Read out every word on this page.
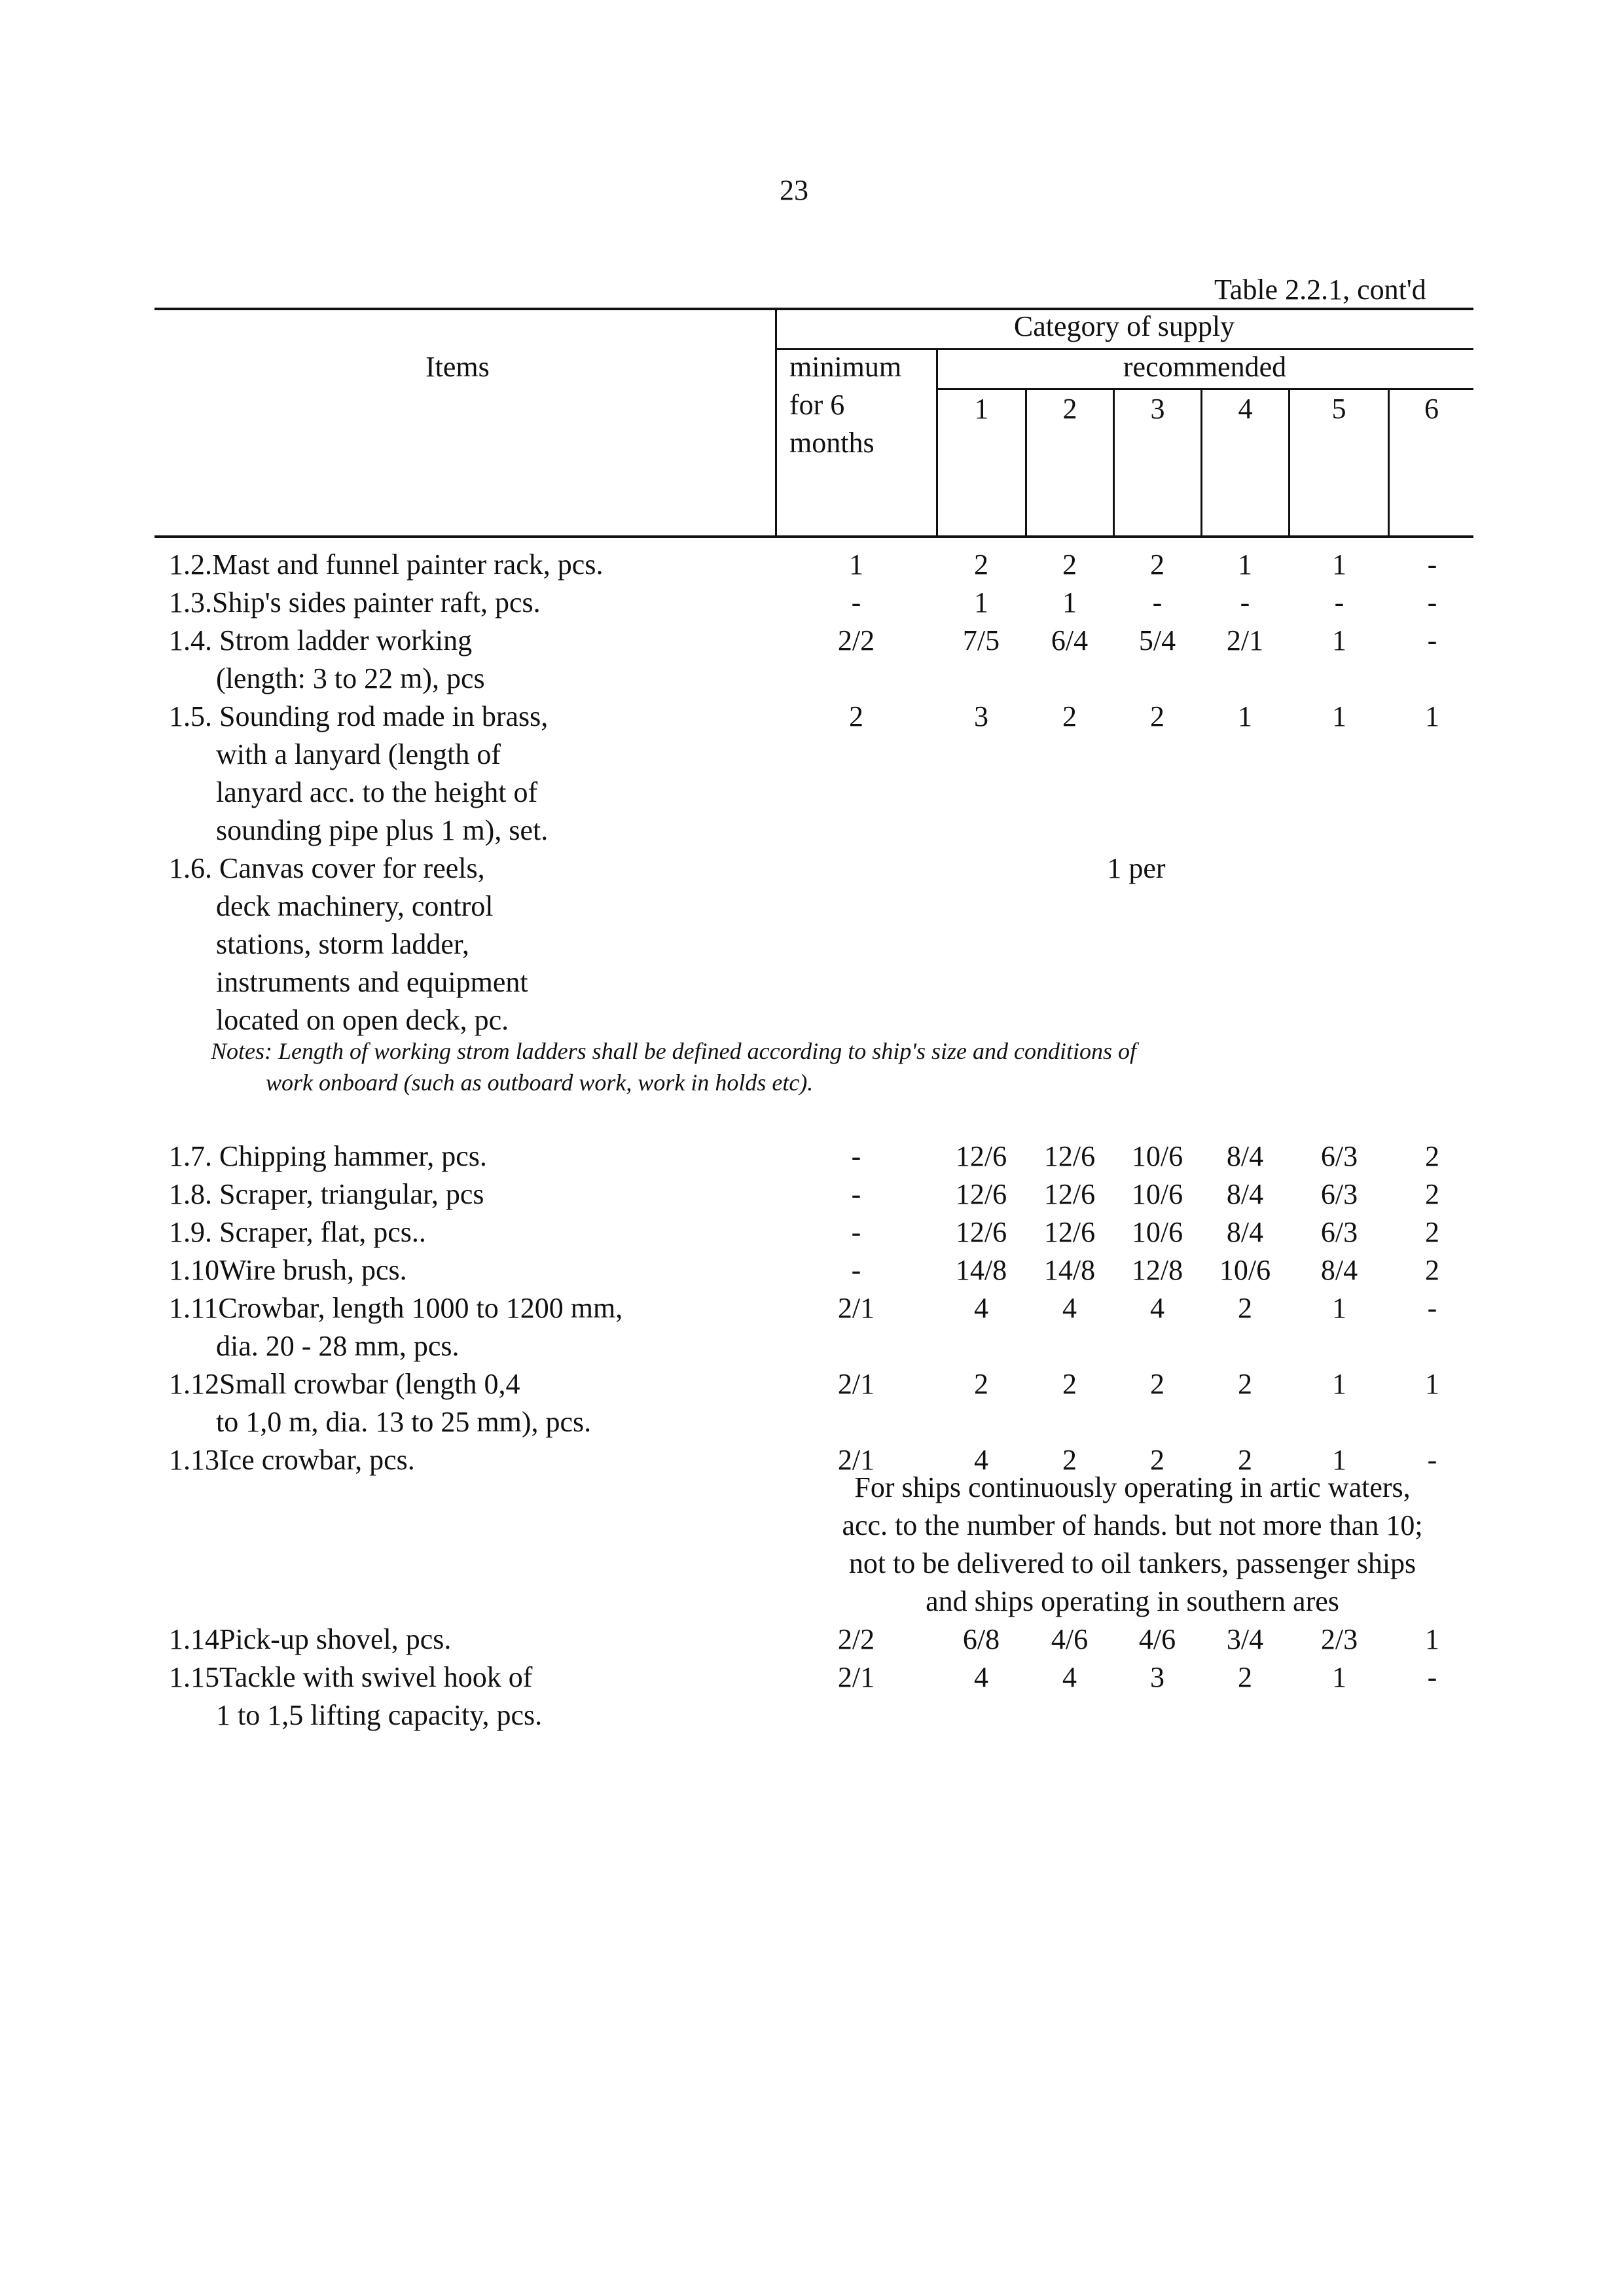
23
Table 2.2.1, cont'd
Items
Category of supply
minimum
for 6
months
recommended
1	2	3	4	5	6
1.2.Mast and funnel painter rack, pcs.	1	2	2	2	1	1	-
1.3.Ship's sides painter raft, pcs.	-	1	1	-	-	-	-
1.4. Strom ladder working
(length: 3 to 22 m), pcs
2/2	7/5	6/4	5/4	2/1	1	-
1.5. Sounding rod made in brass,
with a lanyard (length of
lanyard acc. to the height of
sounding pipe plus 1 m), set.
2	3	2	2	1	1	1
1.6. Canvas cover for reels,
deck machinery, control
stations, storm ladder,
instruments and equipment
located on open deck, pc.
1 per
1.7. Chipping hammer, pcs.	-	12/6	12/6	10/6	8/4	6/3	2
1.8. Scraper, triangular, pcs	-	12/6	12/6	10/6	8/4	6/3	2
1.9. Scraper, flat, pcs..	-	12/6	12/6	10/6	8/4	6/3	2
1.10Wire brush, pcs.	-	14/8	14/8	12/8	10/6	8/4	2
1.11Crowbar, length 1000 to 1200 mm,
dia. 20 - 28 mm, pcs.
2/1	4	4	4	2	1	-
1.12Small crowbar (length 0,4
to 1,0 m, dia. 13 to 25 mm), pcs.
2/1	2	2	2	2	1	1
1.13Ice crowbar, pcs.	2/1	4	2	2	2	1	-
1.14Pick-up shovel, pcs.	2/2	6/8	4/6	4/6	3/4	2/3	1
1.15Tackle with swivel hook of
1 to 1,5 lifting capacity, pcs.
2/1	4	4	3	2	1	-
Notes: Length of working strom ladders shall be defined according to ship's size and conditions of
work onboard (such as outboard work, work in holds etc).
For ships continuously operating in artic waters,
acc. to the number of hands. but not more than 10;
not to be delivered to oil tankers, passenger ships
and ships operating in southern ares
